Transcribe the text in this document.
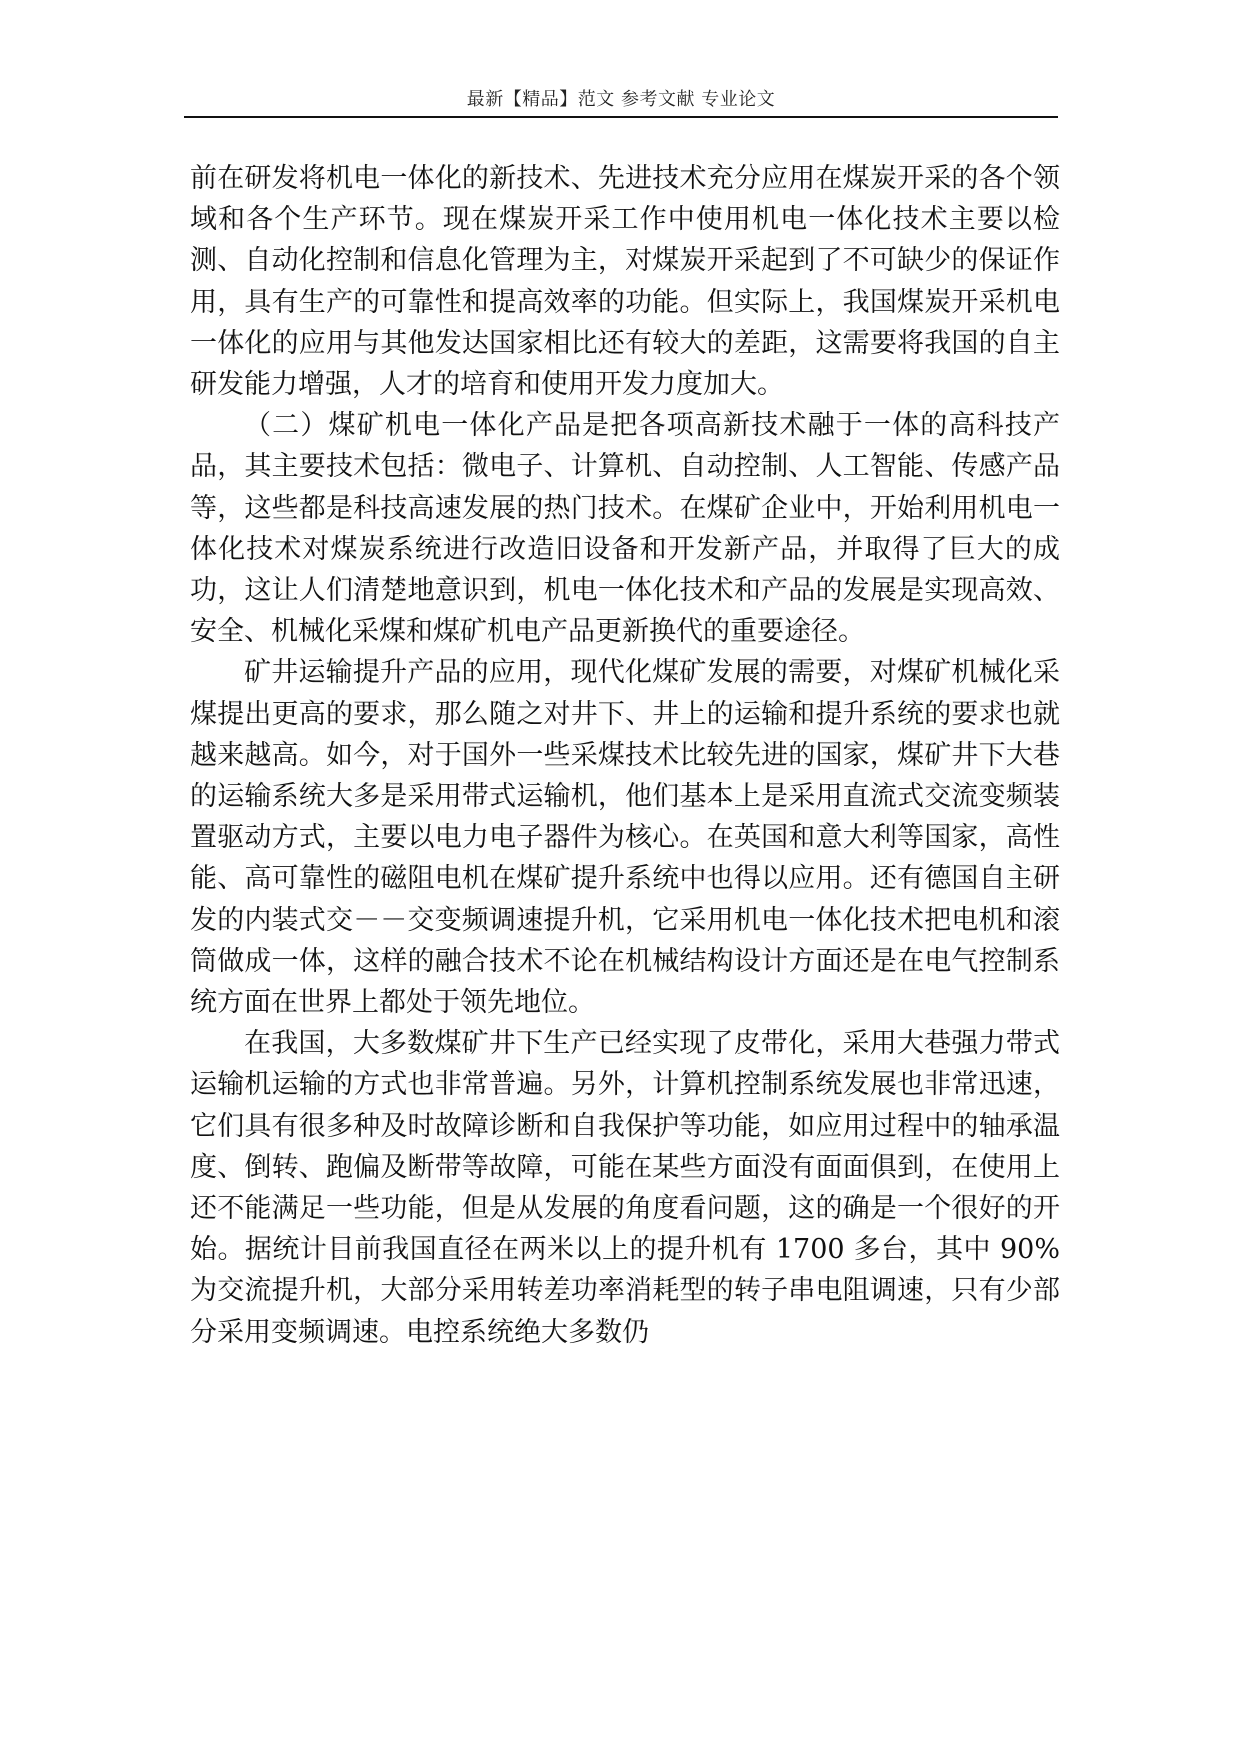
最新【精品】范文 参考文献 专业论文

前在研发将机电一体化的新技术、先进技术充分应用在煤炭开采的各个领域和各个生产环节。现在煤炭开采工作中使用机电一体化技术主要以检测、自动化控制和信息化管理为主，对煤炭开采起到了不可缺少的保证作用，具有生产的可靠性和提高效率的功能。但实际上，我国煤炭开采机电一体化的应用与其他发达国家相比还有较大的差距，这需要将我国的自主研发能力增强，人才的培育和使用开发力度加大。

（二）煤矿机电一体化产品是把各项高新技术融于一体的高科技产品，其主要技术包括：微电子、计算机、自动控制、人工智能、传感产品等，这些都是科技高速发展的热门技术。在煤矿企业中，开始利用机电一体化技术对煤炭系统进行改造旧设备和开发新产品，并取得了巨大的成功，这让人们清楚地意识到，机电一体化技术和产品的发展是实现高效、安全、机械化采煤和煤矿机电产品更新换代的重要途径。

矿井运输提升产品的应用，现代化煤矿发展的需要，对煤矿机械化采煤提出更高的要求，那么随之对井下、井上的运输和提升系统的要求也就越来越高。如今，对于国外一些采煤技术比较先进的国家，煤矿井下大巷的运输系统大多是采用带式运输机，他们基本上是采用直流式交流变频装置驱动方式，主要以电力电子器件为核心。在英国和意大利等国家，高性能、高可靠性的磁阻电机在煤矿提升系统中也得以应用。还有德国自主研发的内装式交－－交变频调速提升机，它采用机电一体化技术把电机和滚筒做成一体，这样的融合技术不论在机械结构设计方面还是在电气控制系统方面在世界上都处于领先地位。

在我国，大多数煤矿井下生产已经实现了皮带化，采用大巷强力带式运输机运输的方式也非常普遍。另外，计算机控制系统发展也非常迅速，它们具有很多种及时故障诊断和自我保护等功能，如应用过程中的轴承温度、倒转、跑偏及断带等故障，可能在某些方面没有面面俱到，在使用上还不能满足一些功能，但是从发展的角度看问题，这的确是一个很好的开始。据统计目前我国直径在两米以上的提升机有 1700 多台，其中 90%为交流提升机，大部分采用转差功率消耗型的转子串电阻调速，只有少部分采用变频调速。电控系统绝大多数仍
